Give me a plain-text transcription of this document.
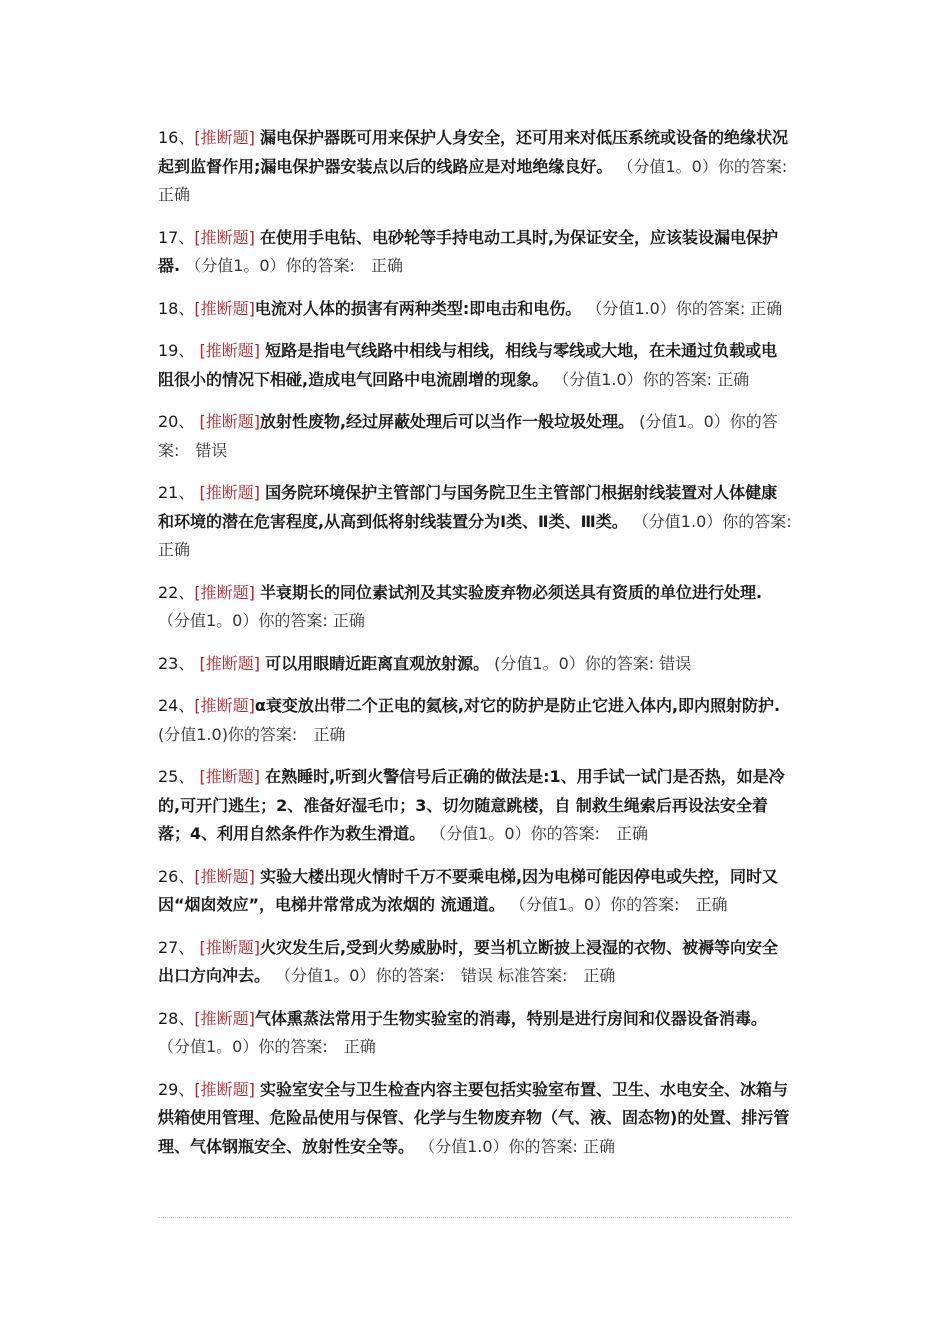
16、[推断题] 漏电保护器既可用来保护人身安全，还可用来对低压系统或设备的绝缘状况起到监督作用;漏电保护器安装点以后的线路应是对地绝缘良好。 （分值1。0）你的答案: 正确

17、[推断题] 在使用手电钻、电砂轮等手持电动工具时,为保证安全，应该装设漏电保护器. （分值1。0）你的答案:　正确

18、[推断题]电流对人体的损害有两种类型:即电击和电伤。 （分值1.0）你的答案: 正确

19、 [推断题] 短路是指电气线路中相线与相线，相线与零线或大地，在未通过负载或电阻很小的情况下相碰,造成电气回路中电流剧增的现象。 （分值1.0）你的答案: 正确

20、 [推断题]放射性废物,经过屏蔽处理后可以当作一般垃圾处理。 (分值1。0）你的答案:　错误

21、 [推断题] 国务院环境保护主管部门与国务院卫生主管部门根据射线装置对人体健康和环境的潜在危害程度,从高到低将射线装置分为Ⅰ类、Ⅱ类、Ⅲ类。 （分值1.0）你的答案:　正确

22、[推断题] 半衰期长的同位素试剂及其实验废弃物必须送具有资质的单位进行处理. （分值1。0）你的答案: 正确

23、 [推断题] 可以用眼睛近距离直观放射源。 (分值1。0）你的答案: 错误

24、[推断题]α衰变放出带二个正电的氦核,对它的防护是防止它进入体内,即内照射防护. (分值1.0)你的答案:　正确

25、 [推断题] 在熟睡时,听到火警信号后正确的做法是:1、用手试一试门是否热，如是冷的,可开门逃生；2、准备好湿毛巾；3、切勿随意跳楼，自 制救生绳索后再设法安全着落；4、利用自然条件作为救生滑道。 （分值1。0）你的答案:　正确

26、[推断题] 实验大楼出现火情时千万不要乘电梯,因为电梯可能因停电或失控，同时又因“烟囱效应”，电梯井常常成为浓烟的 流通道。 （分值1。0）你的答案:　正确

27、 [推断题]火灾发生后,受到火势威胁时，要当机立断披上浸湿的衣物、被褥等向安全出口方向冲去。 （分值1。0）你的答案:　错误 标准答案:　正确

28、[推断题]气体熏蒸法常用于生物实验室的消毒，特别是进行房间和仪器设备消毒。 （分值1。0）你的答案:　正确

29、[推断题] 实验室安全与卫生检查内容主要包括实验室布置、卫生、水电安全、冰箱与烘箱使用管理、危险品使用与保管、化学与生物废弃物（气、液、固态物)的处置、排污管理、气体钢瓶安全、放射性安全等。 （分值1.0）你的答案: 正确
